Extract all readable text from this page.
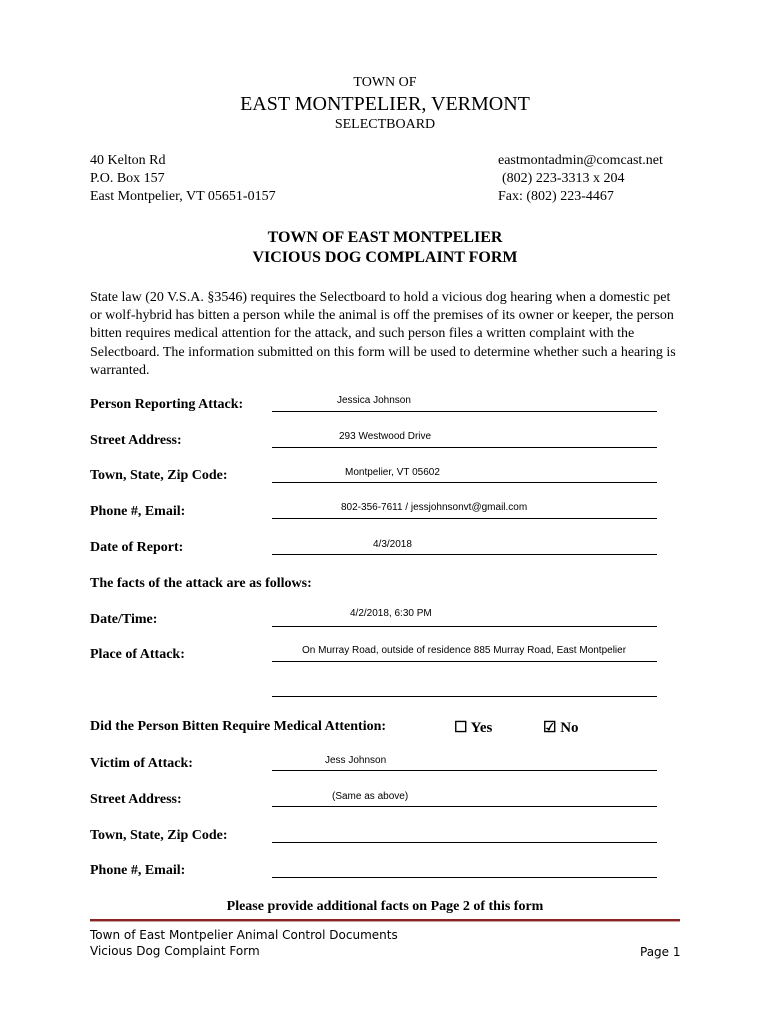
TOWN OF
EAST MONTPELIER, VERMONT
SELECTBOARD
40 Kelton Rd
P.O. Box 157
East Montpelier, VT 05651-0157
eastmontadmin@comcast.net
(802) 223-3313 x 204
Fax: (802) 223-4467
TOWN OF EAST MONTPELIER
VICIOUS DOG COMPLAINT FORM
State law (20 V.S.A. §3546) requires the Selectboard to hold a vicious dog hearing when a domestic pet or wolf-hybrid has bitten a person while the animal is off the premises of its owner or keeper, the person bitten requires medical attention for the attack, and such person files a written complaint with the Selectboard. The information submitted on this form will be used to determine whether such a hearing is warranted.
Person Reporting Attack:	Jessica Johnson
Street Address:	293 Westwood Drive
Town, State, Zip Code:	Montpelier, VT 05602
Phone #, Email:	802-356-7611 / jessjohnsonvt@gmail.com
Date of Report:	4/3/2018
The facts of the attack are as follows:
Date/Time:	4/2/2018, 6:30 PM
Place of Attack:	On Murray Road, outside of residence 885 Murray Road, East Montpelier
Did the Person Bitten Require Medical Attention:	☐ Yes	☑ No
Victim of Attack:	Jess Johnson
Street Address:	(Same as above)
Town, State, Zip Code:
Phone #, Email:
Please provide additional facts on Page 2 of this form
Town of East Montpelier Animal Control Documents
Vicious Dog Complaint Form	Page 1
